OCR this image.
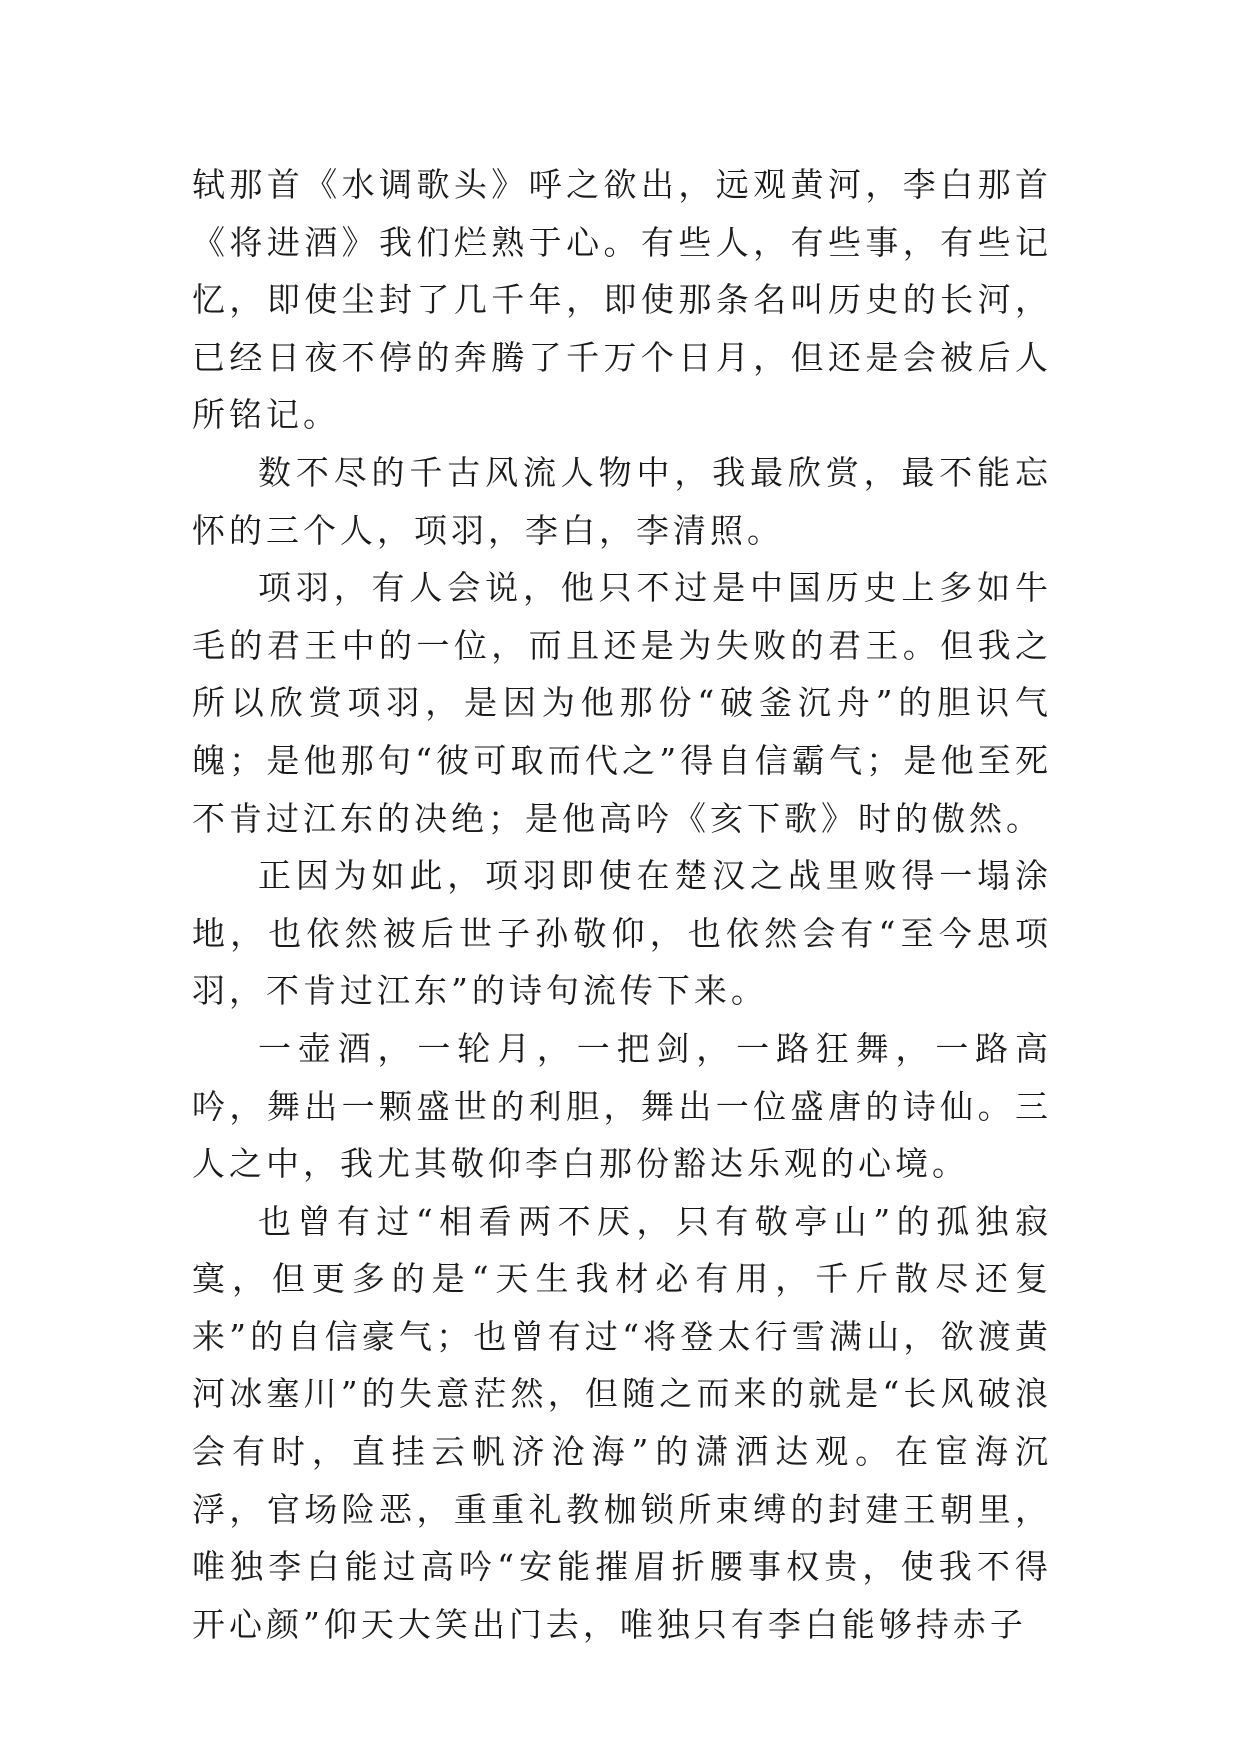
轼那首《水调歌头》呼之欲出，远观黄河，李白那首《将进酒》我们烂熟于心。有些人，有些事，有些记忆，即使尘封了几千年，即使那条名叫历史的长河，已经日夜不停的奔腾了千万个日月，但还是会被后人所铭记。

数不尽的千古风流人物中，我最欣赏，最不能忘怀的三个人，项羽，李白，李清照。

项羽，有人会说，他只不过是中国历史上多如牛毛的君王中的一位，而且还是为失败的君王。但我之所以欣赏项羽，是因为他那份“破釜沉舟”的胆识气魄；是他那句“彼可取而代之”得自信霸气；是他至死不肯过江东的决绝；是他高吟《亥下歌》时的傲然。

正因为如此，项羽即使在楚汉之战里败得一塌涂地，也依然被后世子孙敬仰，也依然会有“至今思项羽，不肯过江东”的诗句流传下来。

一壶酒，一轮月，一把剑，一路狂舞，一路高吟，舞出一颗盛世的利胆，舞出一位盛唐的诗仙。三人之中，我尤其敬仰李白那份豁达乐观的心境。

也曾有过“相看两不厌，只有敬亭山”的孤独寂寞，但更多的是“天生我材必有用，千斤散尽还复来”的自信豪气；也曾有过“将登太行雪满山，欲渡黄河冰塞川”的失意茫然，但随之而来的就是“长风破浪会有时，直挂云帆济沧海”的潇洒达观。在宦海沉浮，官场险恶，重重礼教枷锁所束缚的封建王朝里，唯独李白能过高吟“安能摧眉折腰事权贵，使我不得开心颜”仰天大笑出门去，唯独只有李白能够持赤子
